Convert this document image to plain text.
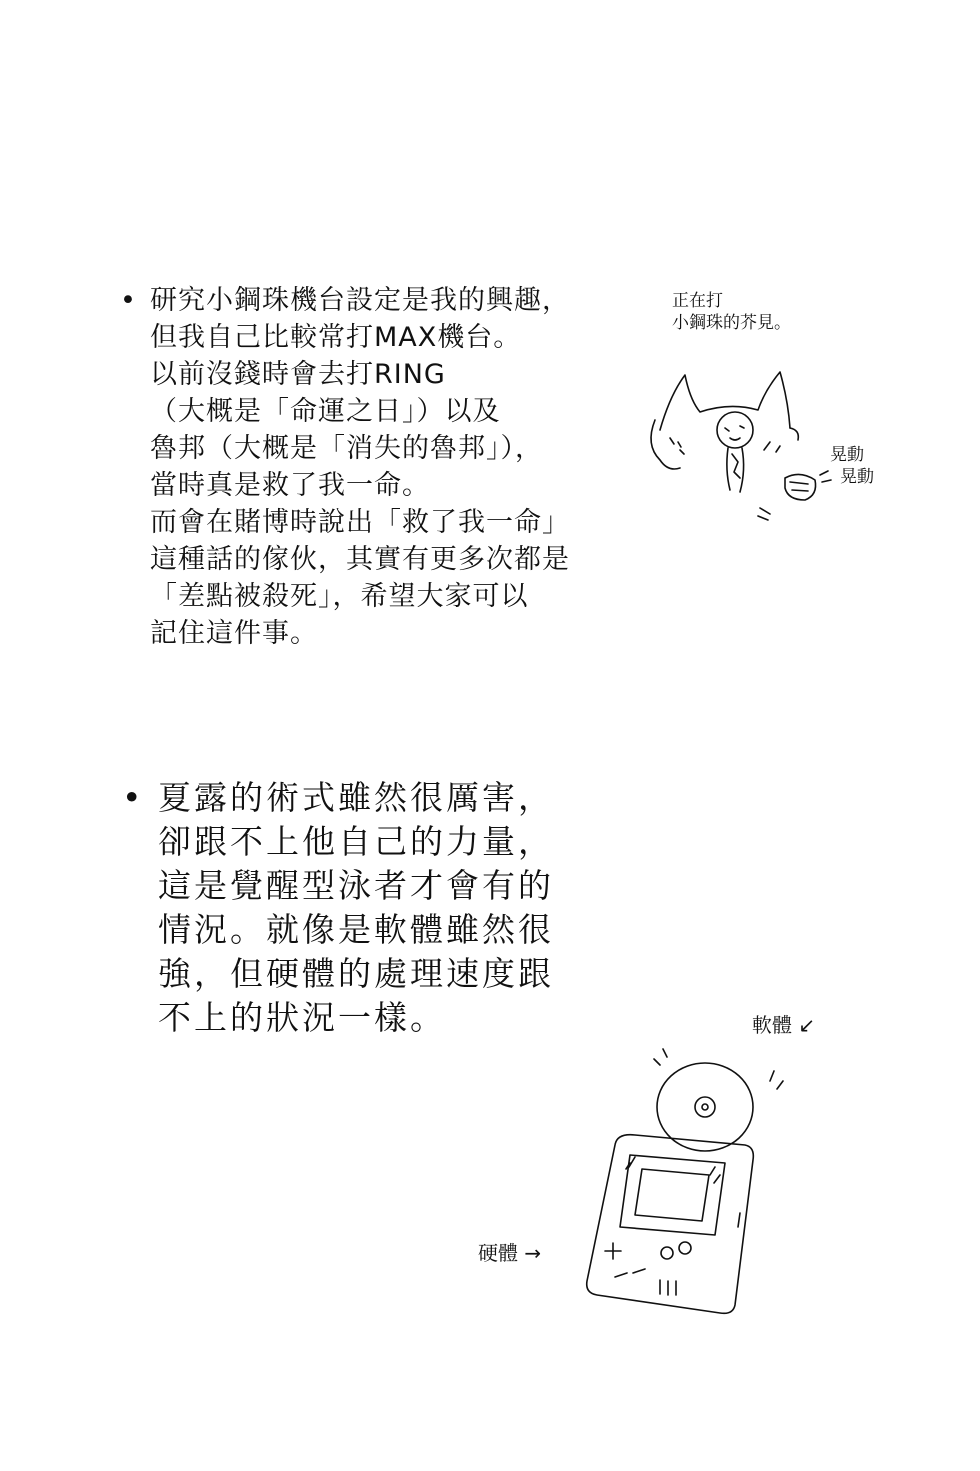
• 研究小鋼珠機台設定是我的興趣，
但我自己比較常打MAX機台。
以前沒錢時會去打RING
（大概是「命運之日」）以及
魯邦（大概是「消失的魯邦」），
當時真是救了我一命。
而會在賭博時說出「救了我一命」
這種話的傢伙，其實有更多次都是
「差點被殺死」，希望大家可以
記住這件事。
正在打
小鋼珠的芥見。
晃動
晃動
• 夏露的術式雖然很厲害，
卻跟不上他自己的力量，
這是覺醒型泳者才會有的
情況。就像是軟體雖然很
強，但硬體的處理速度跟
不上的狀況一樣。	軟體 ↙
硬體 →
